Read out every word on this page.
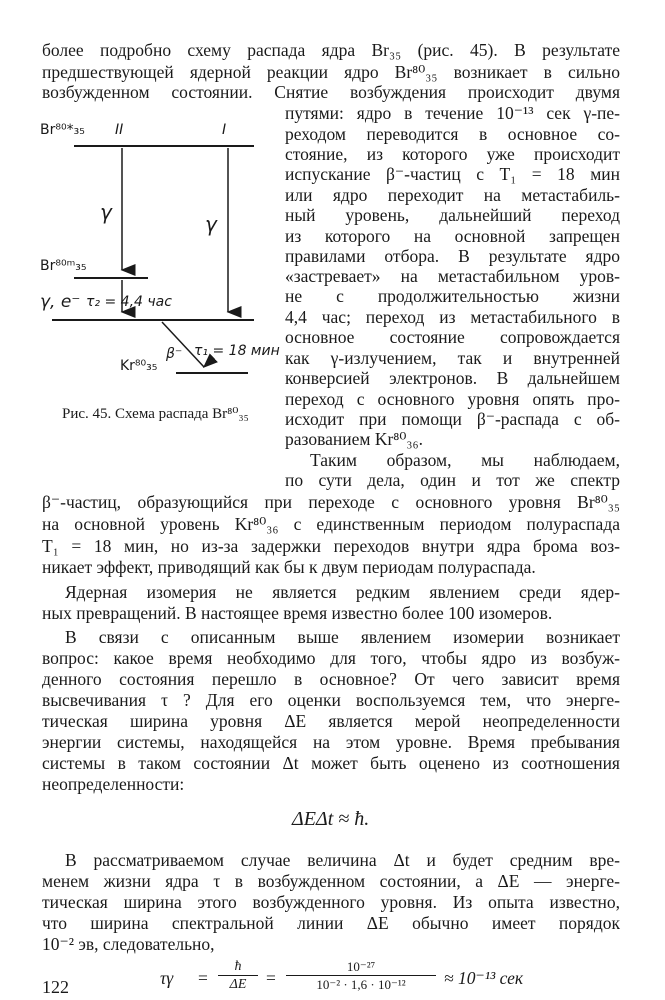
более подробно схему распада ядра Br₃₅ (рис. 45). В результате
предшествующей ядерной реакции ядро Br⁸⁰₃₅ возникает в сильно
возбужденном состоянии. Снятие возбуждения происходит двумя
путями: ядро в течение 10⁻¹³ сек γ-пе-
реходом переводится в основное со-
стояние, из которого уже происходит
испускание β⁻-частиц с T₁ = 18 мин
или ядро переходит на метастабиль-
ный уровень, дальнейший переход
из которого на основной запрещен
правилами отбора. В результате ядро
«застревает» на метастабильном уров-
не с продолжительностью жизни
4,4 час; переход из метастабильного в
основное состояние сопровождается
как γ-излучением, так и внутренней
конверсией электронов. В дальнейшем
переход с основного уровня опять про-
исходит при помощи β⁻-распада с об-
разованием Kr⁸⁰₃₆.
Br⁸⁰*₃₅ II	I
γ	γ
Br⁸⁰ᵐ₃₅
γ, e⁻ τ₂ = 4,4 час
β⁻ τ₁ = 18 мин
Kr⁸⁰₃₅
Рис. 45. Схема распада Br⁸⁰₃₅
Таким образом, мы наблюдаем,
по сути дела, один и тот же спектр
β⁻-частиц, образующийся при переходе с основного уровня Br⁸⁰₃₅
на основной уровень Kr⁸⁰₃₆ с единственным периодом полураспада
T₁ = 18 мин, но из-за задержки переходов внутри ядра брома воз-
никает эффект, приводящий как бы к двум периодам полураспада.
Ядерная изомерия не является редким явлением среди ядер-
ных превращений. В настоящее время известно более 100 изомеров.
В связи с описанным выше явлением изомерии возникает
вопрос: какое время необходимо для того, чтобы ядро из возбуж-
денного состояния перешло в основное? От чего зависит время
высвечивания τ ? Для его оценки воспользуемся тем, что энерге-
тическая ширина уровня ΔE является мерой неопределенности
энергии системы, находящейся на этом уровне. Время пребывания
системы в таком состоянии Δt может быть оценено из соотношения
неопределенности:
ΔEΔt ≈ ħ.
В рассматриваемом случае величина Δt и будет средним вре-
менем жизни ядра τ в возбужденном состоянии, а ΔE — энерге-
тическая ширина этого возбужденного уровня. Из опыта известно,
что ширина спектральной линии ΔE обычно имеет порядок
10⁻² эв, следовательно,
$\tau\gamma = \frac{ħ}{\Delta E} = \frac{\text{10⁻²⁷}}{\text{10⁻² · 1,6 · 10⁻¹²}} \approx 10^{-13}$ сек
122
